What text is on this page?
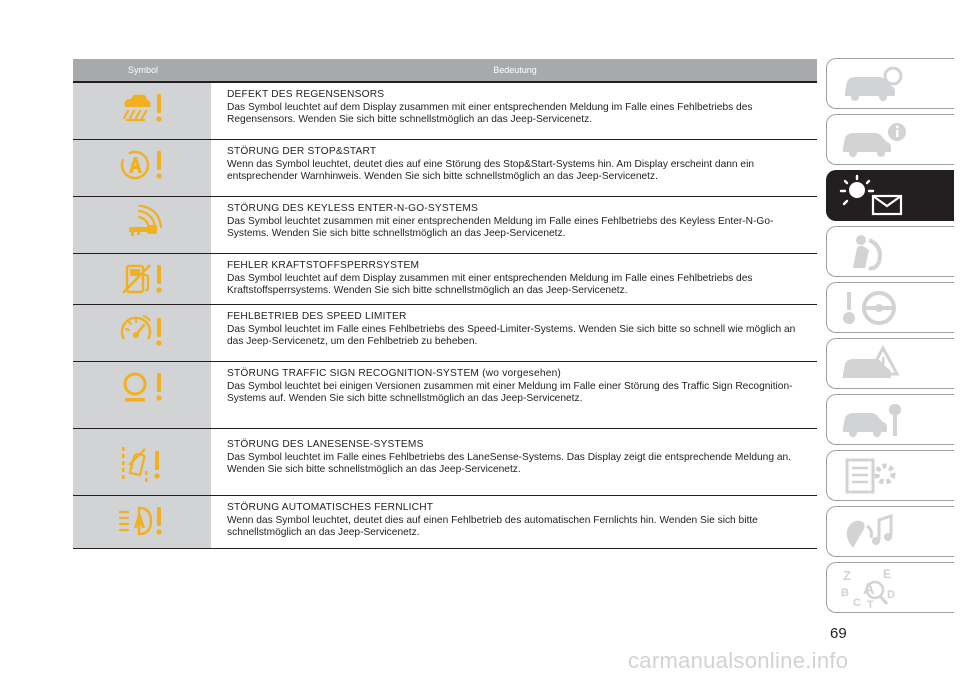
Symbol	Bedeutung
DEFEKT DES REGENSENSORS
Das Symbol leuchtet auf dem Display zusammen mit einer entsprechenden Meldung im Falle eines Fehlbetriebs des Regensensors. Wenden Sie sich bitte schnellstmöglich an das Jeep-Servicenetz.
STÖRUNG DER STOP&START
Wenn das Symbol leuchtet, deutet dies auf eine Störung des Stop&Start-Systems hin. Am Display erscheint dann ein entsprechender Warnhinweis. Wenden Sie sich bitte schnellstmöglich an das Jeep-Servicenetz.
STÖRUNG DES KEYLESS ENTER-N-GO-SYSTEMS
Das Symbol leuchtet zusammen mit einer entsprechenden Meldung im Falle eines Fehlbetriebs des Keyless Enter-N-Go-Systems. Wenden Sie sich bitte schnellstmöglich an das Jeep-Servicenetz.
FEHLER KRAFTSTOFFSPERRSYSTEM
Das Symbol leuchtet auf dem Display zusammen mit einer entsprechenden Meldung im Falle eines Fehlbetriebs des Kraftstoffsperrsystems. Wenden Sie sich bitte schnellstmöglich an das Jeep-Servicenetz.
FEHLBETRIEB DES SPEED LIMITER
Das Symbol leuchtet im Falle eines Fehlbetriebs des Speed-Limiter-Systems. Wenden Sie sich bitte so schnell wie möglich an das Jeep-Servicenetz, um den Fehlbetrieb zu beheben.
STÖRUNG TRAFFIC SIGN RECOGNITION-SYSTEM (wo vorgesehen)
Das Symbol leuchtet bei einigen Versionen zusammen mit einer Meldung im Falle einer Störung des Traffic Sign Recognition-Systems auf. Wenden Sie sich bitte schnellstmöglich an das Jeep-Servicenetz.
STÖRUNG DES LANESENSE-SYSTEMS
Das Symbol leuchtet im Falle eines Fehlbetriebs des LaneSense-Systems. Das Display zeigt die entsprechende Meldung an. Wenden Sie sich bitte schnellstmöglich an das Jeep-Servicenetz.
STÖRUNG AUTOMATISCHES FERNLICHT
Wenn das Symbol leuchtet, deutet dies auf einen Fehlbetrieb des automatischen Fernlichts hin. Wenden Sie sich bitte schnellstmöglich an das Jeep-Servicenetz.
Z	E
B A D
C T
69
carmanualsonline.info
